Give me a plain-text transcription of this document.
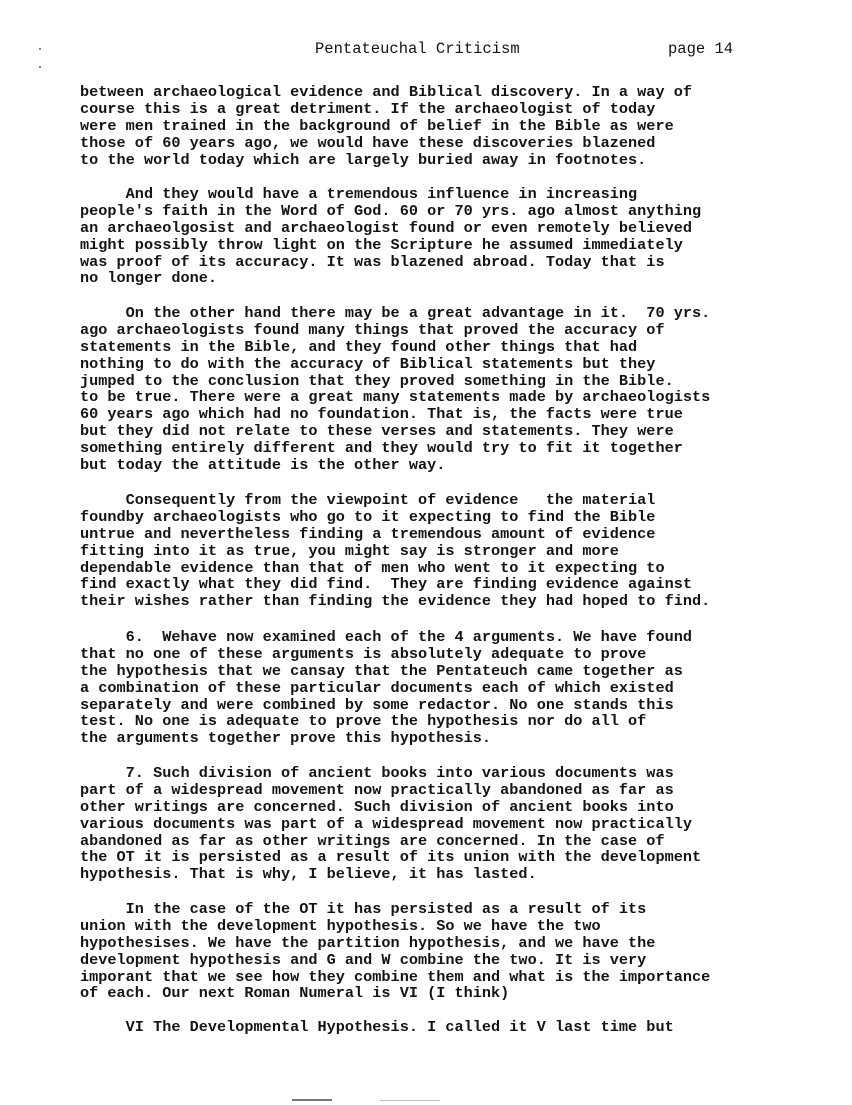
Pentateuchal Criticism	page 14
between archaeological evidence and Biblical discovery. In a way of
course this is a great detriment. If the archaeologist of today
were men trained in the background of belief in the Bible as were
those of 60 years ago, we would have these discoveries blazened
to the world today which are largely buried away in footnotes.
And they would have a tremendous influence in increasing
people's faith in the Word of God. 60 or 70 yrs. ago almost anything
an archaeolgosist and archaeologist found or even remotely believed
might possibly throw light on the Scripture he assumed immediately
was proof of its accuracy. It was blazened abroad. Today that is
no longer done.
On the other hand there may be a great advantage in it.  70 yrs.
ago archaeologists found many things that proved the accuracy of
statements in the Bible, and they found other things that had
nothing to do with the accuracy of Biblical statements but they
jumped to the conclusion that they proved something in the Bible.
to be true. There were a great many statements made by archaeologists
60 years ago which had no foundation. That is, the facts were true
but they did not relate to these verses and statements. They were
something entirely different and they would try to fit it together
but today the attitude is the other way.
Consequently from the viewpoint of evidence   the material
foundby archaeologists who go to it expecting to find the Bible
untrue and nevertheless finding a tremendous amount of evidence
fitting into it as true, you might say is stronger and more
dependable evidence than that of men who went to it expecting to
find exactly what they did find.  They are finding evidence against
their wishes rather than finding the evidence they had hoped to find.
6.  Wehave now examined each of the 4 arguments. We have found
that no one of these arguments is absolutely adequate to prove
the hypothesis that we cansay that the Pentateuch came together as
a combination of these particular documents each of which existed
separately and were combined by some redactor. No one stands this
test. No one is adequate to prove the hypothesis nor do all of
the arguments together prove this hypothesis.
7. Such division of ancient books into various documents was
part of a widespread movement now practically abandoned as far as
other writings are concerned. Such division of ancient books into
various documents was part of a widespread movement now practically
abandoned as far as other writings are concerned. In the case of
the OT it is persisted as a result of its union with the development
hypothesis. That is why, I believe, it has lasted.
In the case of the OT it has persisted as a result of its
union with the development hypothesis. So we have the two
hypothesises. We have the partition hypothesis, and we have the
development hypothesis and G and W combine the two. It is very
imporant that we see how they combine them and what is the importance
of each. Our next Roman Numeral is VI (I think)
VI The Developmental Hypothesis. I called it V last time but
